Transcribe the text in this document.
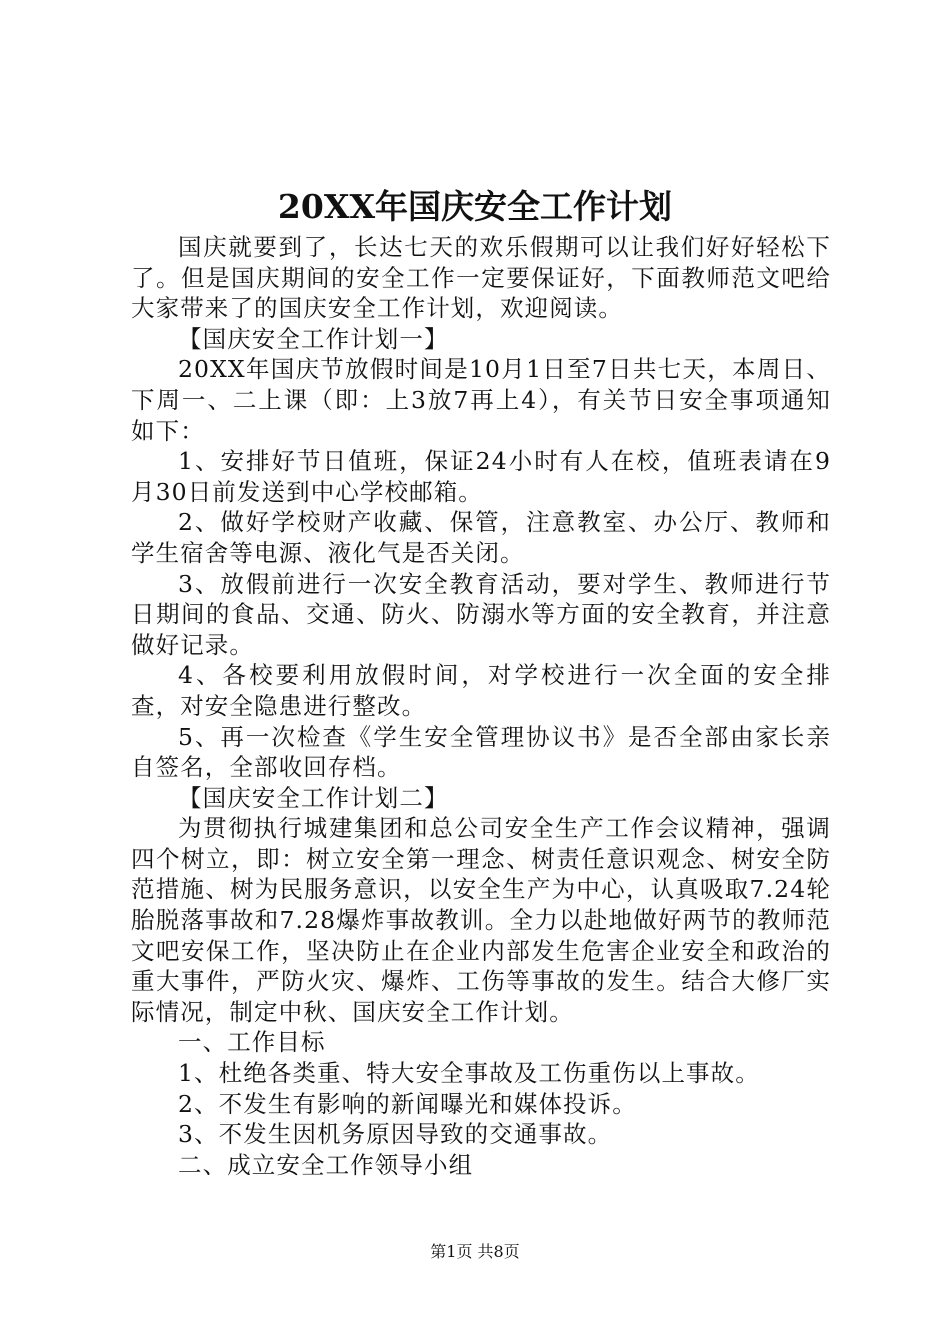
20XX年国庆安全工作计划

国庆就要到了，长达七天的欢乐假期可以让我们好好轻松下了。但是国庆期间的安全工作一定要保证好，下面教师范文吧给大家带来了的国庆安全工作计划，欢迎阅读。

【国庆安全工作计划一】

20XX年国庆节放假时间是10月1日至7日共七天，本周日、下周一、二上课（即：上3放7再上4），有关节日安全事项通知如下：

1、安排好节日值班，保证24小时有人在校，值班表请在9月30日前发送到中心学校邮箱。

2、做好学校财产收藏、保管，注意教室、办公厅、教师和学生宿舍等电源、液化气是否关闭。

3、放假前进行一次安全教育活动，要对学生、教师进行节日期间的食品、交通、防火、防溺水等方面的安全教育，并注意做好记录。

4、各校要利用放假时间，对学校进行一次全面的安全排查，对安全隐患进行整改。

5、再一次检查《学生安全管理协议书》是否全部由家长亲自签名，全部收回存档。

【国庆安全工作计划二】

为贯彻执行城建集团和总公司安全生产工作会议精神，强调四个树立，即：树立安全第一理念、树责任意识观念、树安全防范措施、树为民服务意识，以安全生产为中心，认真吸取7.24轮胎脱落事故和7.28爆炸事故教训。全力以赴地做好两节的教师范文吧安保工作，坚决防止在企业内部发生危害企业安全和政治的重大事件，严防火灾、爆炸、工伤等事故的发生。结合大修厂实际情况，制定中秋、国庆安全工作计划。

一、工作目标

1、杜绝各类重、特大安全事故及工伤重伤以上事故。

2、不发生有影响的新闻曝光和媒体投诉。

3、不发生因机务原因导致的交通事故。

二、成立安全工作领导小组

第1页 共8页
